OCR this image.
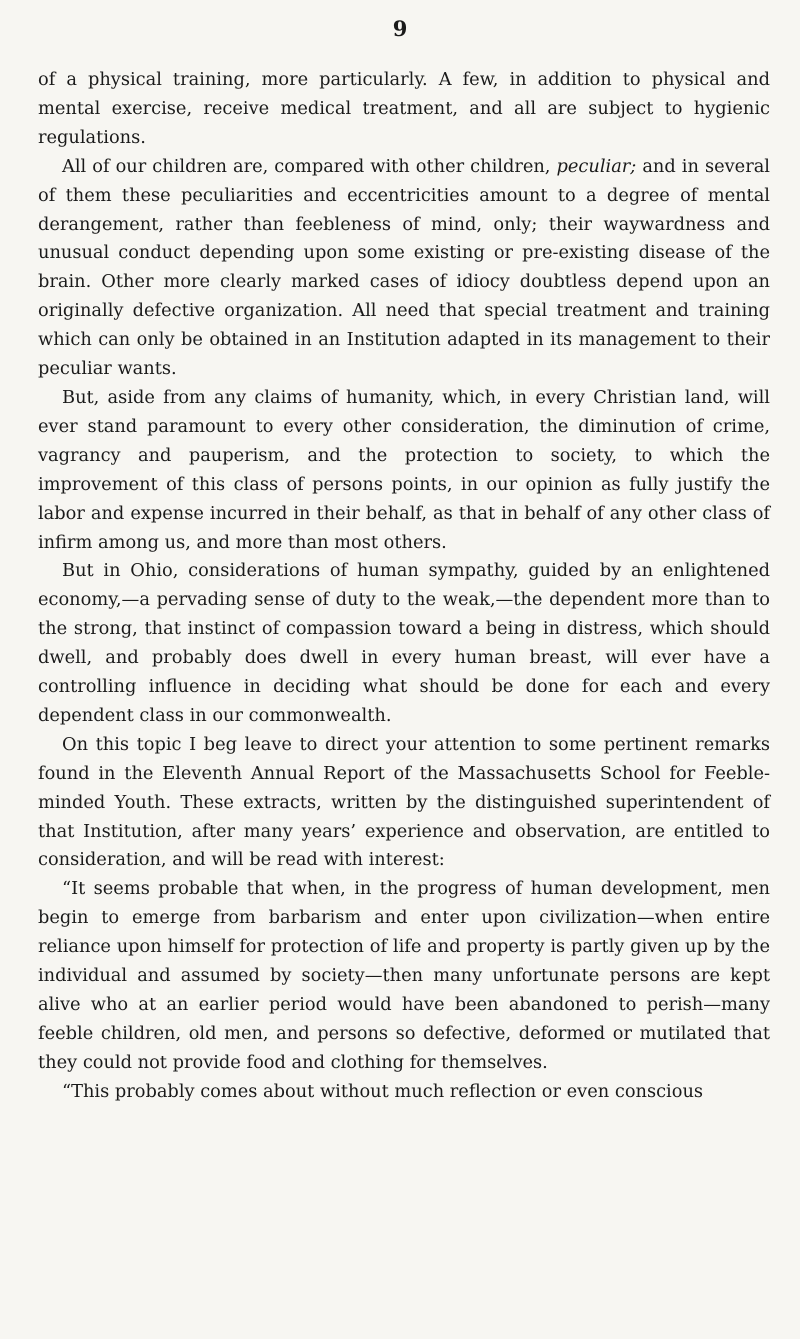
9

of a physical training, more particularly. A few, in addition to physical and mental exercise, receive medical treatment, and all are subject to hygienic regulations.

All of our children are, compared with other children, peculiar; and in several of them these peculiarities and eccentricities amount to a degree of mental derangement, rather than feebleness of mind, only; their waywardness and unusual conduct depending upon some existing or pre-existing disease of the brain. Other more clearly marked cases of idiocy doubtless depend upon an originally defective organization. All need that special treatment and training which can only be obtained in an Institution adapted in its management to their peculiar wants.

But, aside from any claims of humanity, which, in every Christian land, will ever stand paramount to every other consideration, the diminution of crime, vagrancy and pauperism, and the protection to society, to which the improvement of this class of persons points, in our opinion as fully justify the labor and expense incurred in their behalf, as that in behalf of any other class of infirm among us, and more than most others.

But in Ohio, considerations of human sympathy, guided by an enlightened economy,—a pervading sense of duty to the weak,—the dependent more than to the strong, that instinct of compassion toward a being in distress, which should dwell, and probably does dwell in every human breast, will ever have a controlling influence in deciding what should be done for each and every dependent class in our commonwealth.

On this topic I beg leave to direct your attention to some pertinent remarks found in the Eleventh Annual Report of the Massachusetts School for Feeble-minded Youth. These extracts, written by the distinguished superintendent of that Institution, after many years’ experience and observation, are entitled to consideration, and will be read with interest:

“It seems probable that when, in the progress of human development, men begin to emerge from barbarism and enter upon civilization—when entire reliance upon himself for protection of life and property is partly given up by the individual and assumed by society—then many unfortunate persons are kept alive who at an earlier period would have been abandoned to perish—many feeble children, old men, and persons so defective, deformed or mutilated that they could not provide food and clothing for themselves.

“This probably comes about without much reflection or even conscious
